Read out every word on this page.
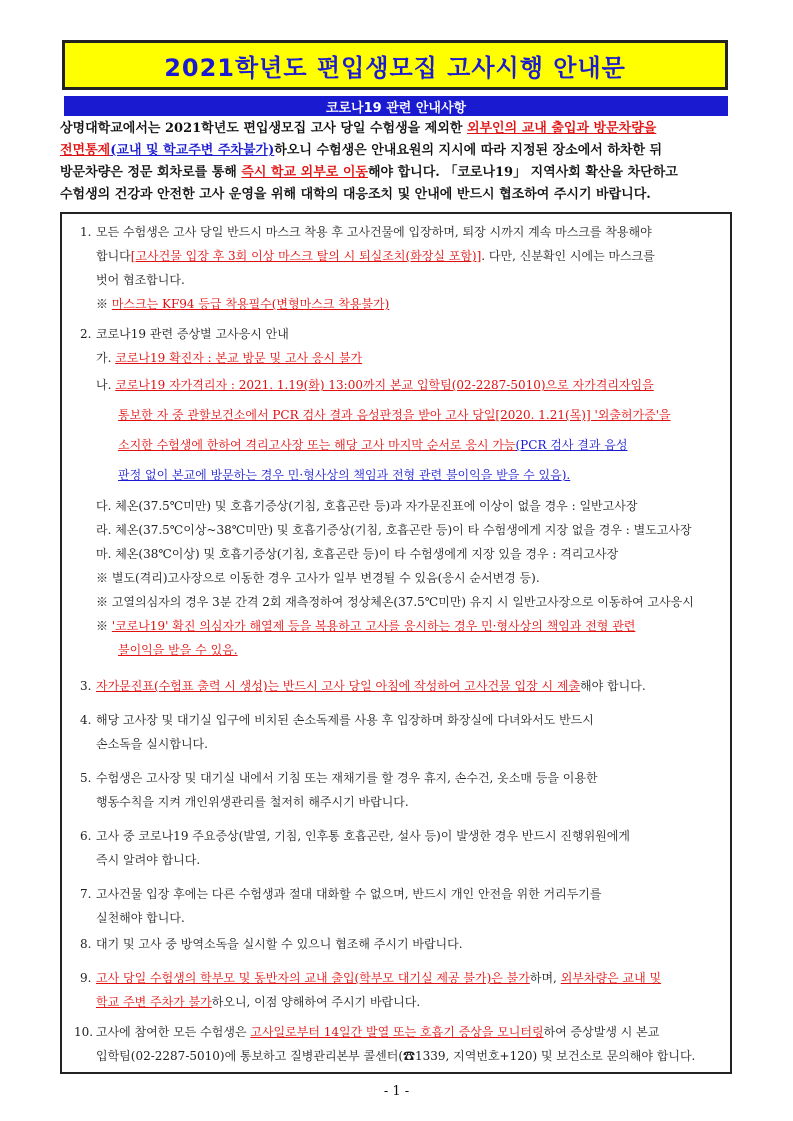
2021학년도 편입생모집 고사시행 안내문
코로나19 관련 안내사항
상명대학교에서는 2021학년도 편입생모집 고사 당일 수험생을 제외한 외부인의 교내 출입과 방문차량을
전면통제(교내 및 학교주변 주차불가)하오니 수험생은 안내요원의 지시에 따라 지정된 장소에서 하차한 뒤
방문차량은 정문 회차로를 통해 즉시 학교 외부로 이동해야 합니다. 「코로나19」 지역사회 확산을 차단하고
수험생의 건강과 안전한 고사 운영을 위해 대학의 대응조치 및 안내에 반드시 협조하여 주시기 바랍니다.
1. 모든 수험생은 고사 당일 반드시 마스크 착용 후 고사건물에 입장하며, 퇴장 시까지 계속 마스크를 착용해야
합니다[고사건물 입장 후 3회 이상 마스크 탈의 시 퇴실조치(화장실 포함)]. 다만, 신분확인 시에는 마스크를
벗어 협조합니다.
※ 마스크는 KF94 등급 착용필수(변형마스크 착용불가)
2. 코로나19 관련 증상별 고사응시 안내
가. 코로나19 확진자 : 본교 방문 및 고사 응시 불가
나. 코로나19 자가격리자 : 2021. 1.19(화) 13:00까지 본교 입학팀(02-2287-5010)으로 자가격리자임을
통보한 자 중 관할보건소에서 PCR 검사 결과 음성판정을 받아 고사 당일[2020. 1.21(목)] '외출허가증'을
소지한 수험생에 한하여 격리고사장 또는 해당 고사 마지막 순서로 응시 가능(PCR 검사 결과 음성
판정 없이 본교에 방문하는 경우 민·형사상의 책임과 전형 관련 불이익을 받을 수 있음).
다. 체온(37.5℃미만) 및 호흡기증상(기침, 호흡곤란 등)과 자가문진표에 이상이 없을 경우 : 일반고사장
라. 체온(37.5℃이상~38℃미만) 및 호흡기증상(기침, 호흡곤란 등)이 타 수험생에게 지장 없을 경우 : 별도고사장
마. 체온(38℃이상) 및 호흡기증상(기침, 호흡곤란 등)이 타 수험생에게 지장 있을 경우 : 격리고사장
※ 별도(격리)고사장으로 이동한 경우 고사가 일부 변경될 수 있음(응시 순서변경 등).
※ 고열의심자의 경우 3분 간격 2회 재측정하여 정상체온(37.5℃미만) 유지 시 일반고사장으로 이동하여 고사응시
※ '코로나19' 확진 의심자가 해열제 등을 복용하고 고사를 응시하는 경우 민·형사상의 책임과 전형 관련
불이익을 받을 수 있음.
3. 자가문진표(수험표 출력 시 생성)는 반드시 고사 당일 아침에 작성하여 고사건물 입장 시 제출해야 합니다.
4. 해당 고사장 및 대기실 입구에 비치된 손소독제를 사용 후 입장하며 화장실에 다녀와서도 반드시
손소독을 실시합니다.
5. 수험생은 고사장 및 대기실 내에서 기침 또는 재채기를 할 경우 휴지, 손수건, 옷소매 등을 이용한
행동수칙을 지켜 개인위생관리를 철저히 해주시기 바랍니다.
6. 고사 중 코로나19 주요증상(발열, 기침, 인후통 호흡곤란, 설사 등)이 발생한 경우 반드시 진행위원에게
즉시 알려야 합니다.
7. 고사건물 입장 후에는 다른 수험생과 절대 대화할 수 없으며, 반드시 개인 안전을 위한 거리두기를
실천해야 합니다.
8. 대기 및 고사 중 방역소독을 실시할 수 있으니 협조해 주시기 바랍니다.
9. 고사 당일 수험생의 학부모 및 동반자의 교내 출입(학부모 대기실 제공 불가)은 불가하며, 외부차량은 교내 및
학교 주변 주차가 불가하오니, 이점 양해하여 주시기 바랍니다.
10. 고사에 참여한 모든 수험생은 고사일로부터 14일간 발열 또는 호흡기 증상을 모니터링하여 증상발생 시 본교
입학팀(02-2287-5010)에 통보하고 질병관리본부 콜센터(☎1339, 지역번호+120) 및 보건소로 문의해야 합니다.
- 1 -
